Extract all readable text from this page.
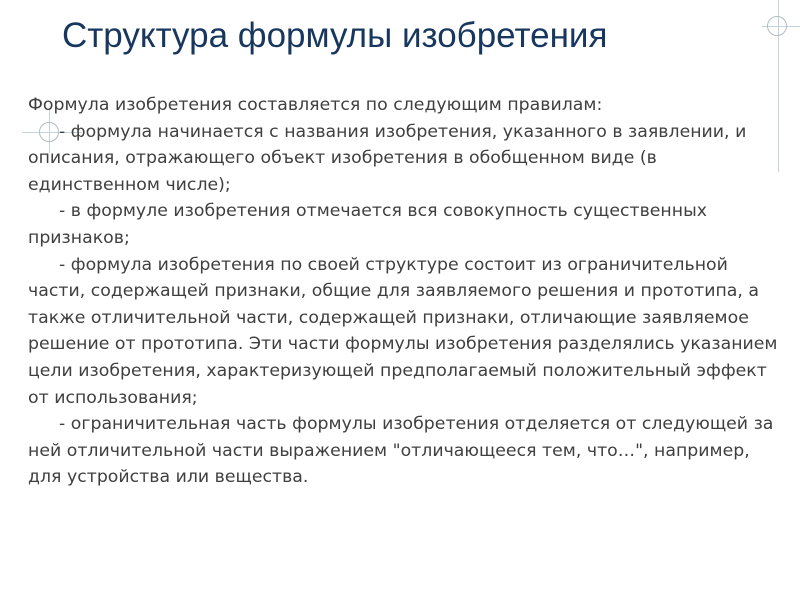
Структура формулы изобретения

Формула изобретения составляется по следующим правилам:

- формула начинается с названия изобретения, указанного в заявлении, и описания, отражающего объект изобретения в обобщенном виде (в единственном числе);

- в формуле изобретения отмечается вся совокупность существенных признаков;

- формула изобретения по своей структуре состоит из ограничительной части, содержащей признаки, общие для заявляемого решения и прототипа, а также отличительной части, содержащей признаки, отличающие заявляемое решение от прототипа. Эти части формулы изобретения разделялись указанием цели изобретения, характеризующей предполагаемый положительный эффект от использования;

- ограничительная часть формулы изобретения отделяется от следующей за ней отличительной части выражением "отличающееся тем, что…", например, для устройства или вещества.
